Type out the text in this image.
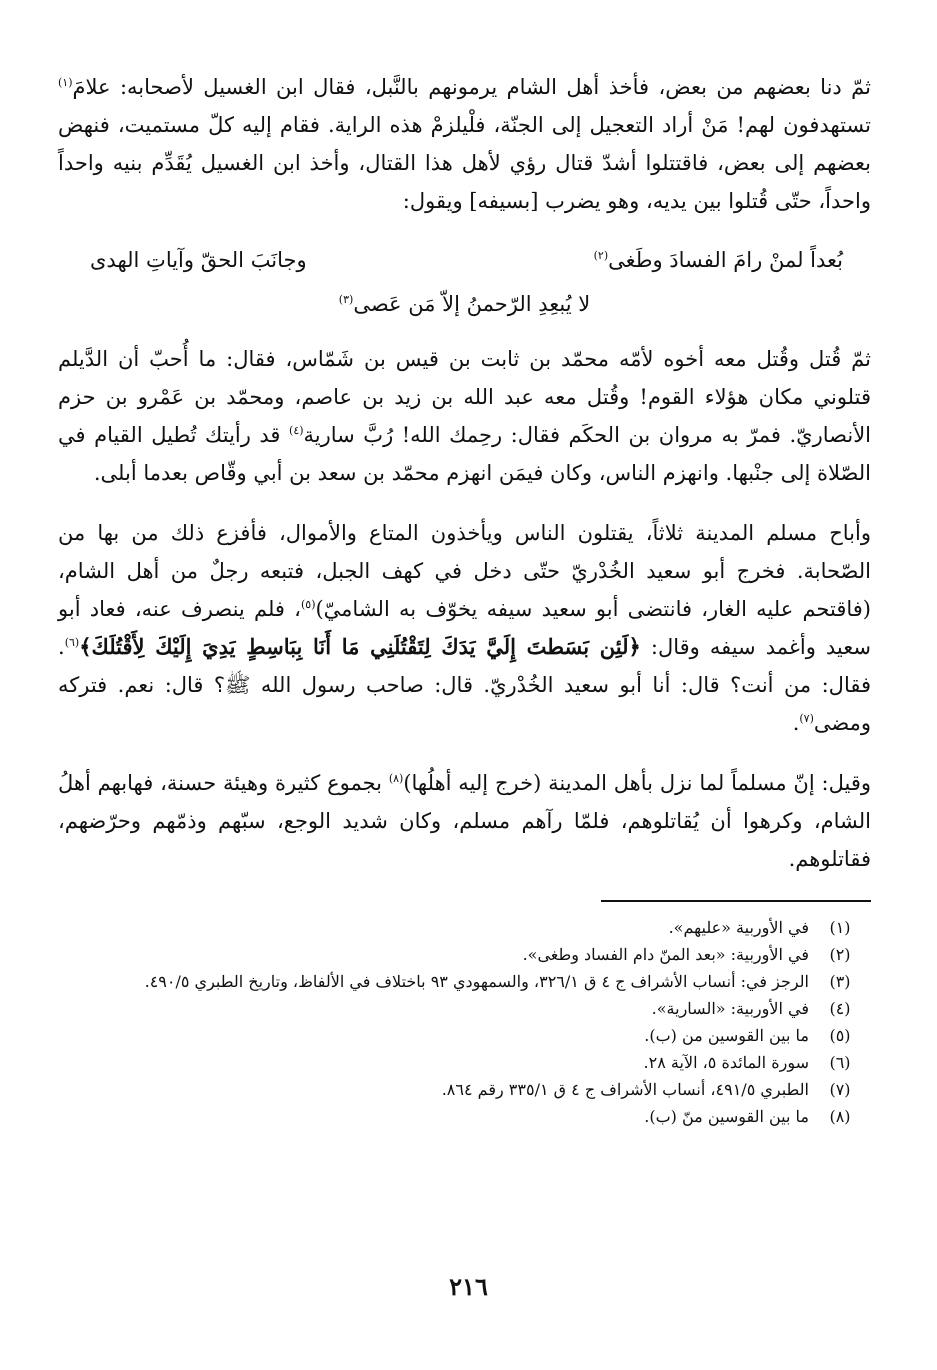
ثمّ دنا بعضهم من بعض، فأخذ أهل الشام يرمونهم بالنَّبل، فقال ابن الغسيل لأصحابه: علامَ$^{(١)}$ تستهدفون لهم! مَنْ أراد التعجيل إلى الجنّة، فلْيلزمْ هذه الراية. فقام إليه كلّ مستميت، فنهض بعضهم إلى بعض، فاقتتلوا أشدّ قتال رؤي لأهل هذا القتال، وأخذ ابن الغسيل يُقَدِّم بنيه واحداً واحداً، حتّى قُتلوا بين يديه، وهو يضرب [بسيفه] ويقول:

بُعداً لمنْ رامَ الفسادَ وطَغى$^{(٢)}$
وجانَبَ الحقّ وآياتِ الهدى
لا يُبعِدِ الرّحمنُ إلاّ مَن عَصى$^{(٣)}$

ثمّ قُتل وقُتل معه أخوه لأمّه محمّد بن ثابت بن قيس بن شَمّاس، فقال: ما أُحبّ أن الدَّيلم قتلوني مكان هؤلاء القوم! وقُتل معه عبد الله بن زيد بن عاصم، ومحمّد بن عَمْرو بن حزم الأنصاريّ. فمرّ به مروان بن الحكَم فقال: رحِمك الله! رُبَّ سارية$^{(٤)}$ قد رأيتك تُطيل القيام في الصّلاة إلى جنْبها. وانهزم الناس، وكان فيمَن انهزم محمّد بن سعد بن أبي وقّاص بعدما أبلى.

وأباح مسلم المدينة ثلاثاً، يقتلون الناس ويأخذون المتاع والأموال، فأفزع ذلك من بها من الصّحابة. فخرج أبو سعيد الخُدْريّ حتّى دخل في كهف الجبل، فتبعه رجلٌ من أهل الشام، (فاقتحم عليه الغار، فانتضى أبو سعيد سيفه يخوّف به الشاميّ)$^{(٥)}$، فلم ينصرف عنه، فعاد أبو سعيد وأغمد سيفه وقال: ﴿لَئِن بَسَطتَ إِلَيَّ يَدَكَ لِتَقْتُلَنِي مَا أَنَا بِبَاسِطٍ يَدِيَ إِلَيْكَ لِأَقْتُلَكَ﴾$^{(٦)}$. فقال: من أنت؟ قال: أنا أبو سعيد الخُدْريّ. قال: صاحب رسول الله ﷺ؟ قال: نعم. فتركه ومضى$^{(٧)}$.

وقيل: إنّ مسلماً لما نزل بأهل المدينة (خرج إليه أهلُها)$^{(٨)}$ بجموع كثيرة وهيئة حسنة، فهابهم أهلُ الشام، وكرهوا أن يُقاتلوهم، فلمّا رآهم مسلم، وكان شديد الوجع، سبّهم وذمّهم وحرّضهم، فقاتلوهم.

(١)
في الأوربية «عليهم».
(٢)
في الأوربية: «بعد المنّ دام الفساد وطغى».
(٣)
الرجز في: أنساب الأشراف ج ٤ ق ٣٢٦/١، والسمهودي ٩٣ باختلاف في الألفاظ، وتاريخ الطبري ٤٩٠/٥.
(٤)
في الأوربية: «السارية».
(٥)
ما بين القوسين من (ب).
(٦)
سورة المائدة ٥، الآية ٢٨.
(٧)
الطبري ٤٩١/٥، أنساب الأشراف ج ٤ ق ٣٣٥/١ رقم ٨٦٤.
(٨)
ما بين القوسين منّ (ب).
٢١٦
